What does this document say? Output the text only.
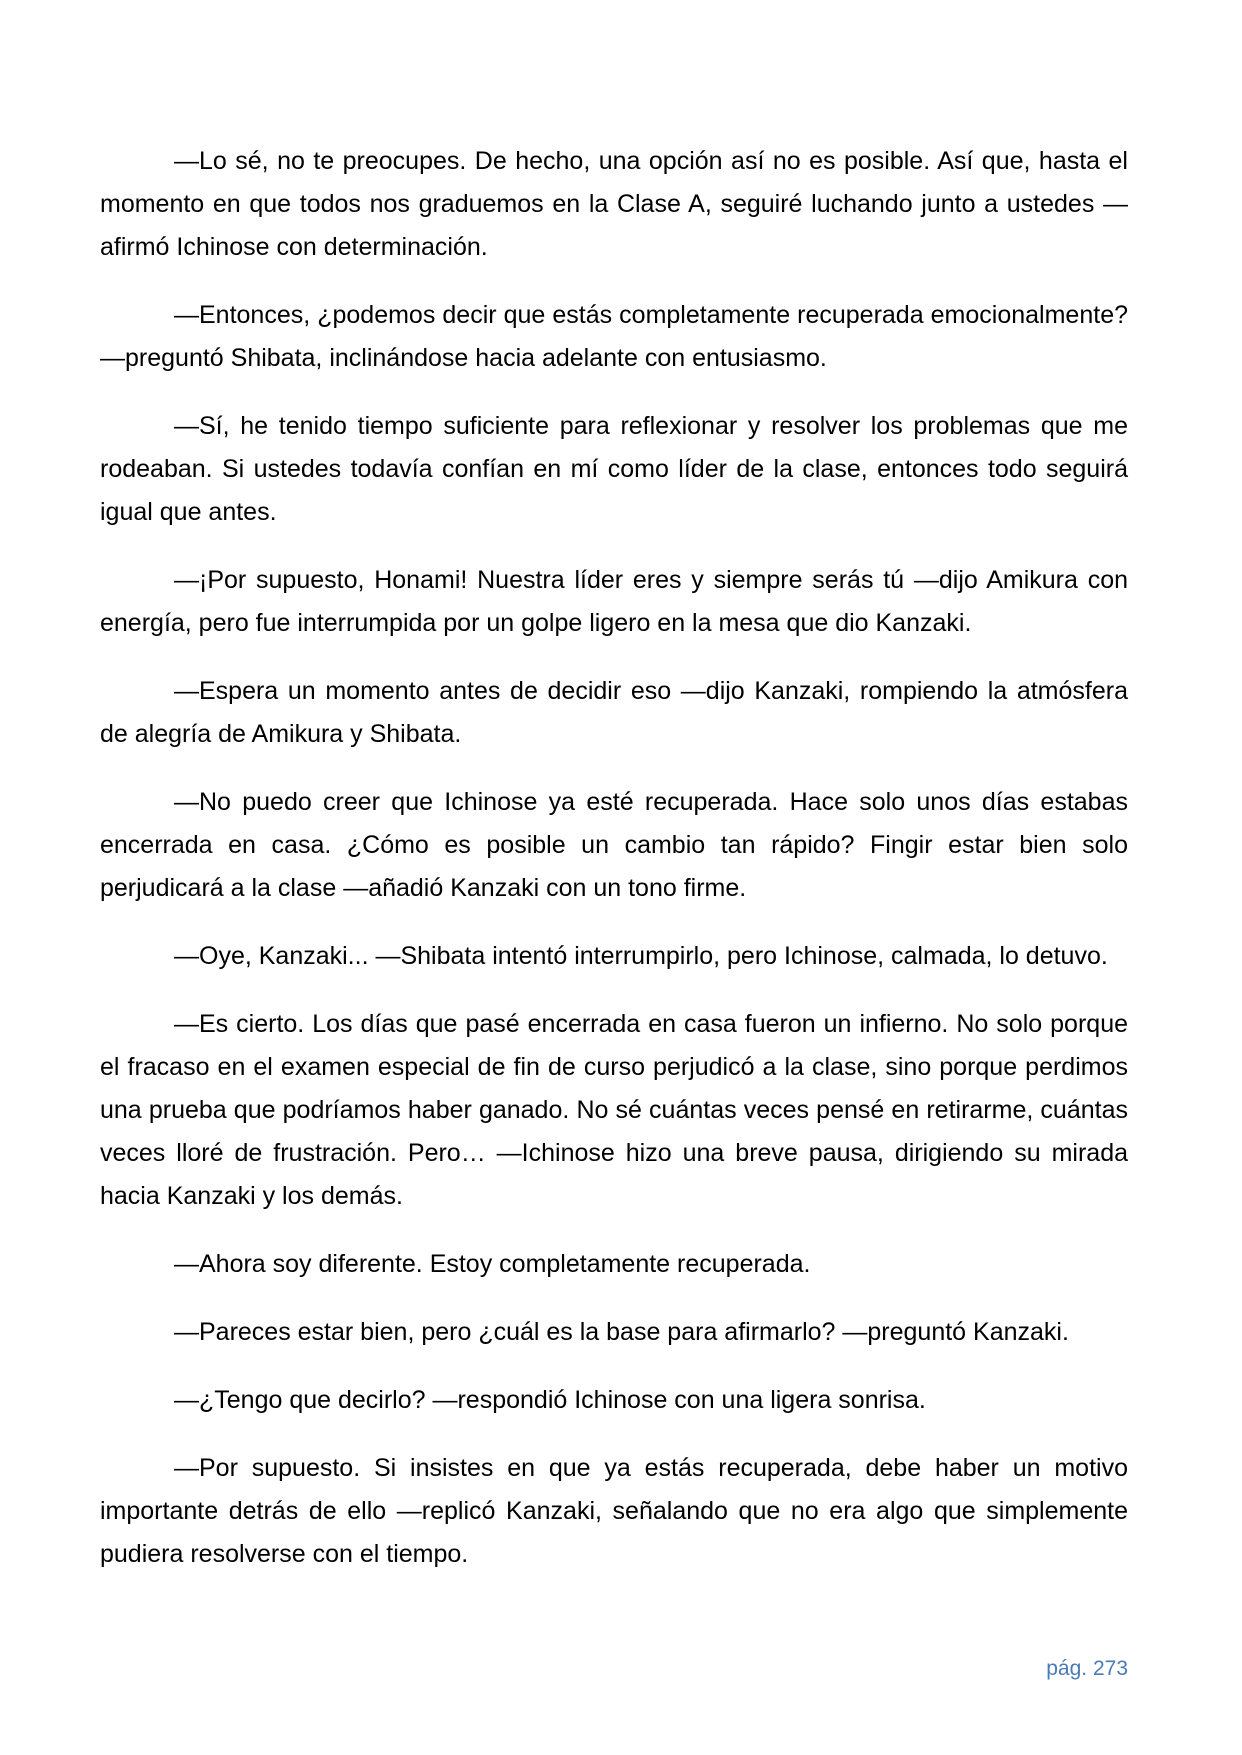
—Lo sé, no te preocupes. De hecho, una opción así no es posible. Así que, hasta el momento en que todos nos graduemos en la Clase A, seguiré luchando junto a ustedes —afirmó Ichinose con determinación.

—Entonces, ¿podemos decir que estás completamente recuperada emocionalmente? —preguntó Shibata, inclinándose hacia adelante con entusiasmo.

—Sí, he tenido tiempo suficiente para reflexionar y resolver los problemas que me rodeaban. Si ustedes todavía confían en mí como líder de la clase, entonces todo seguirá igual que antes.

—¡Por supuesto, Honami! Nuestra líder eres y siempre serás tú —dijo Amikura con energía, pero fue interrumpida por un golpe ligero en la mesa que dio Kanzaki.

—Espera un momento antes de decidir eso —dijo Kanzaki, rompiendo la atmósfera de alegría de Amikura y Shibata.

—No puedo creer que Ichinose ya esté recuperada. Hace solo unos días estabas encerrada en casa. ¿Cómo es posible un cambio tan rápido? Fingir estar bien solo perjudicará a la clase —añadió Kanzaki con un tono firme.

—Oye, Kanzaki... —Shibata intentó interrumpirlo, pero Ichinose, calmada, lo detuvo.

—Es cierto. Los días que pasé encerrada en casa fueron un infierno. No solo porque el fracaso en el examen especial de fin de curso perjudicó a la clase, sino porque perdimos una prueba que podríamos haber ganado. No sé cuántas veces pensé en retirarme, cuántas veces lloré de frustración. Pero… —Ichinose hizo una breve pausa, dirigiendo su mirada hacia Kanzaki y los demás.

—Ahora soy diferente. Estoy completamente recuperada.

—Pareces estar bien, pero ¿cuál es la base para afirmarlo? —preguntó Kanzaki.

—¿Tengo que decirlo? —respondió Ichinose con una ligera sonrisa.

—Por supuesto. Si insistes en que ya estás recuperada, debe haber un motivo importante detrás de ello —replicó Kanzaki, señalando que no era algo que simplemente pudiera resolverse con el tiempo.

pág. 273
